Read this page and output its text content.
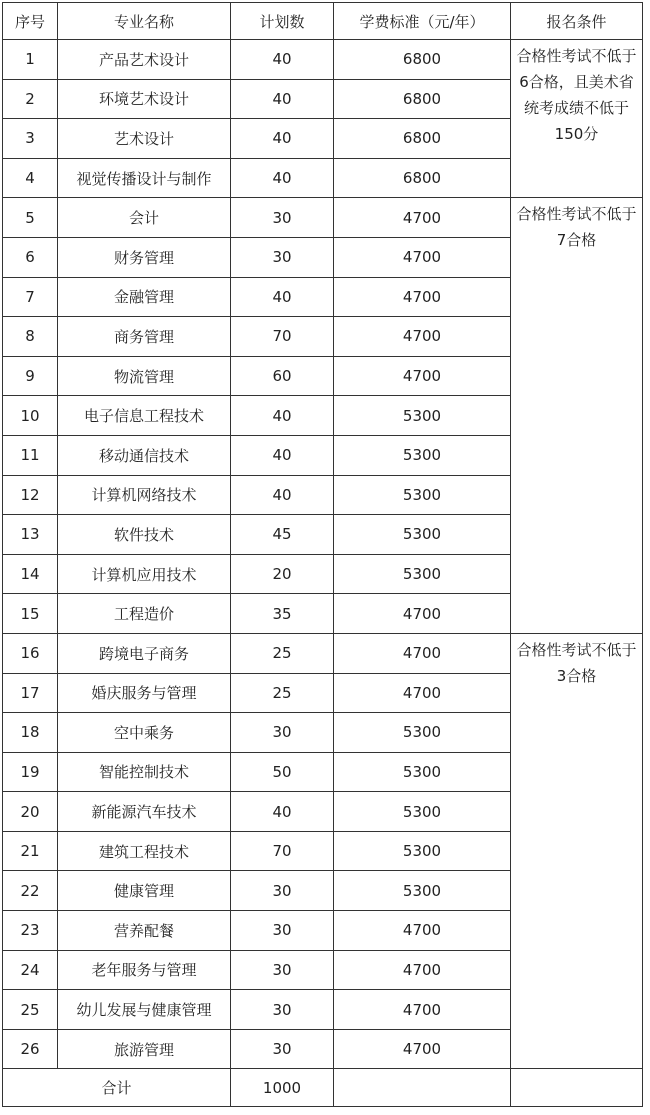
序号	专业名称	计划数	学费标准（元/年）	报名条件
1	产品艺术设计	40	6800	合格性考试不低于6合格，且美术省统考成绩不低于150分
2	环境艺术设计	40	6800	
3	艺术设计	40	6800	
4	视觉传播设计与制作	40	6800	
5	会计	30	4700	合格性考试不低于7合格
6	财务管理	30	4700	
7	金融管理	40	4700	
8	商务管理	70	4700	
9	物流管理	60	4700	
10	电子信息工程技术	40	5300	
11	移动通信技术	40	5300	
12	计算机网络技术	40	5300	
13	软件技术	45	5300	
14	计算机应用技术	20	5300	
15	工程造价	35	4700	
16	跨境电子商务	25	4700	合格性考试不低于3合格
17	婚庆服务与管理	25	4700	
18	空中乘务	30	5300	
19	智能控制技术	50	5300	
20	新能源汽车技术	40	5300	
21	建筑工程技术	70	5300	
22	健康管理	30	5300	
23	营养配餐	30	4700	
24	老年服务与管理	30	4700	
25	幼儿发展与健康管理	30	4700	
26	旅游管理	30	4700	
合计		1000		
